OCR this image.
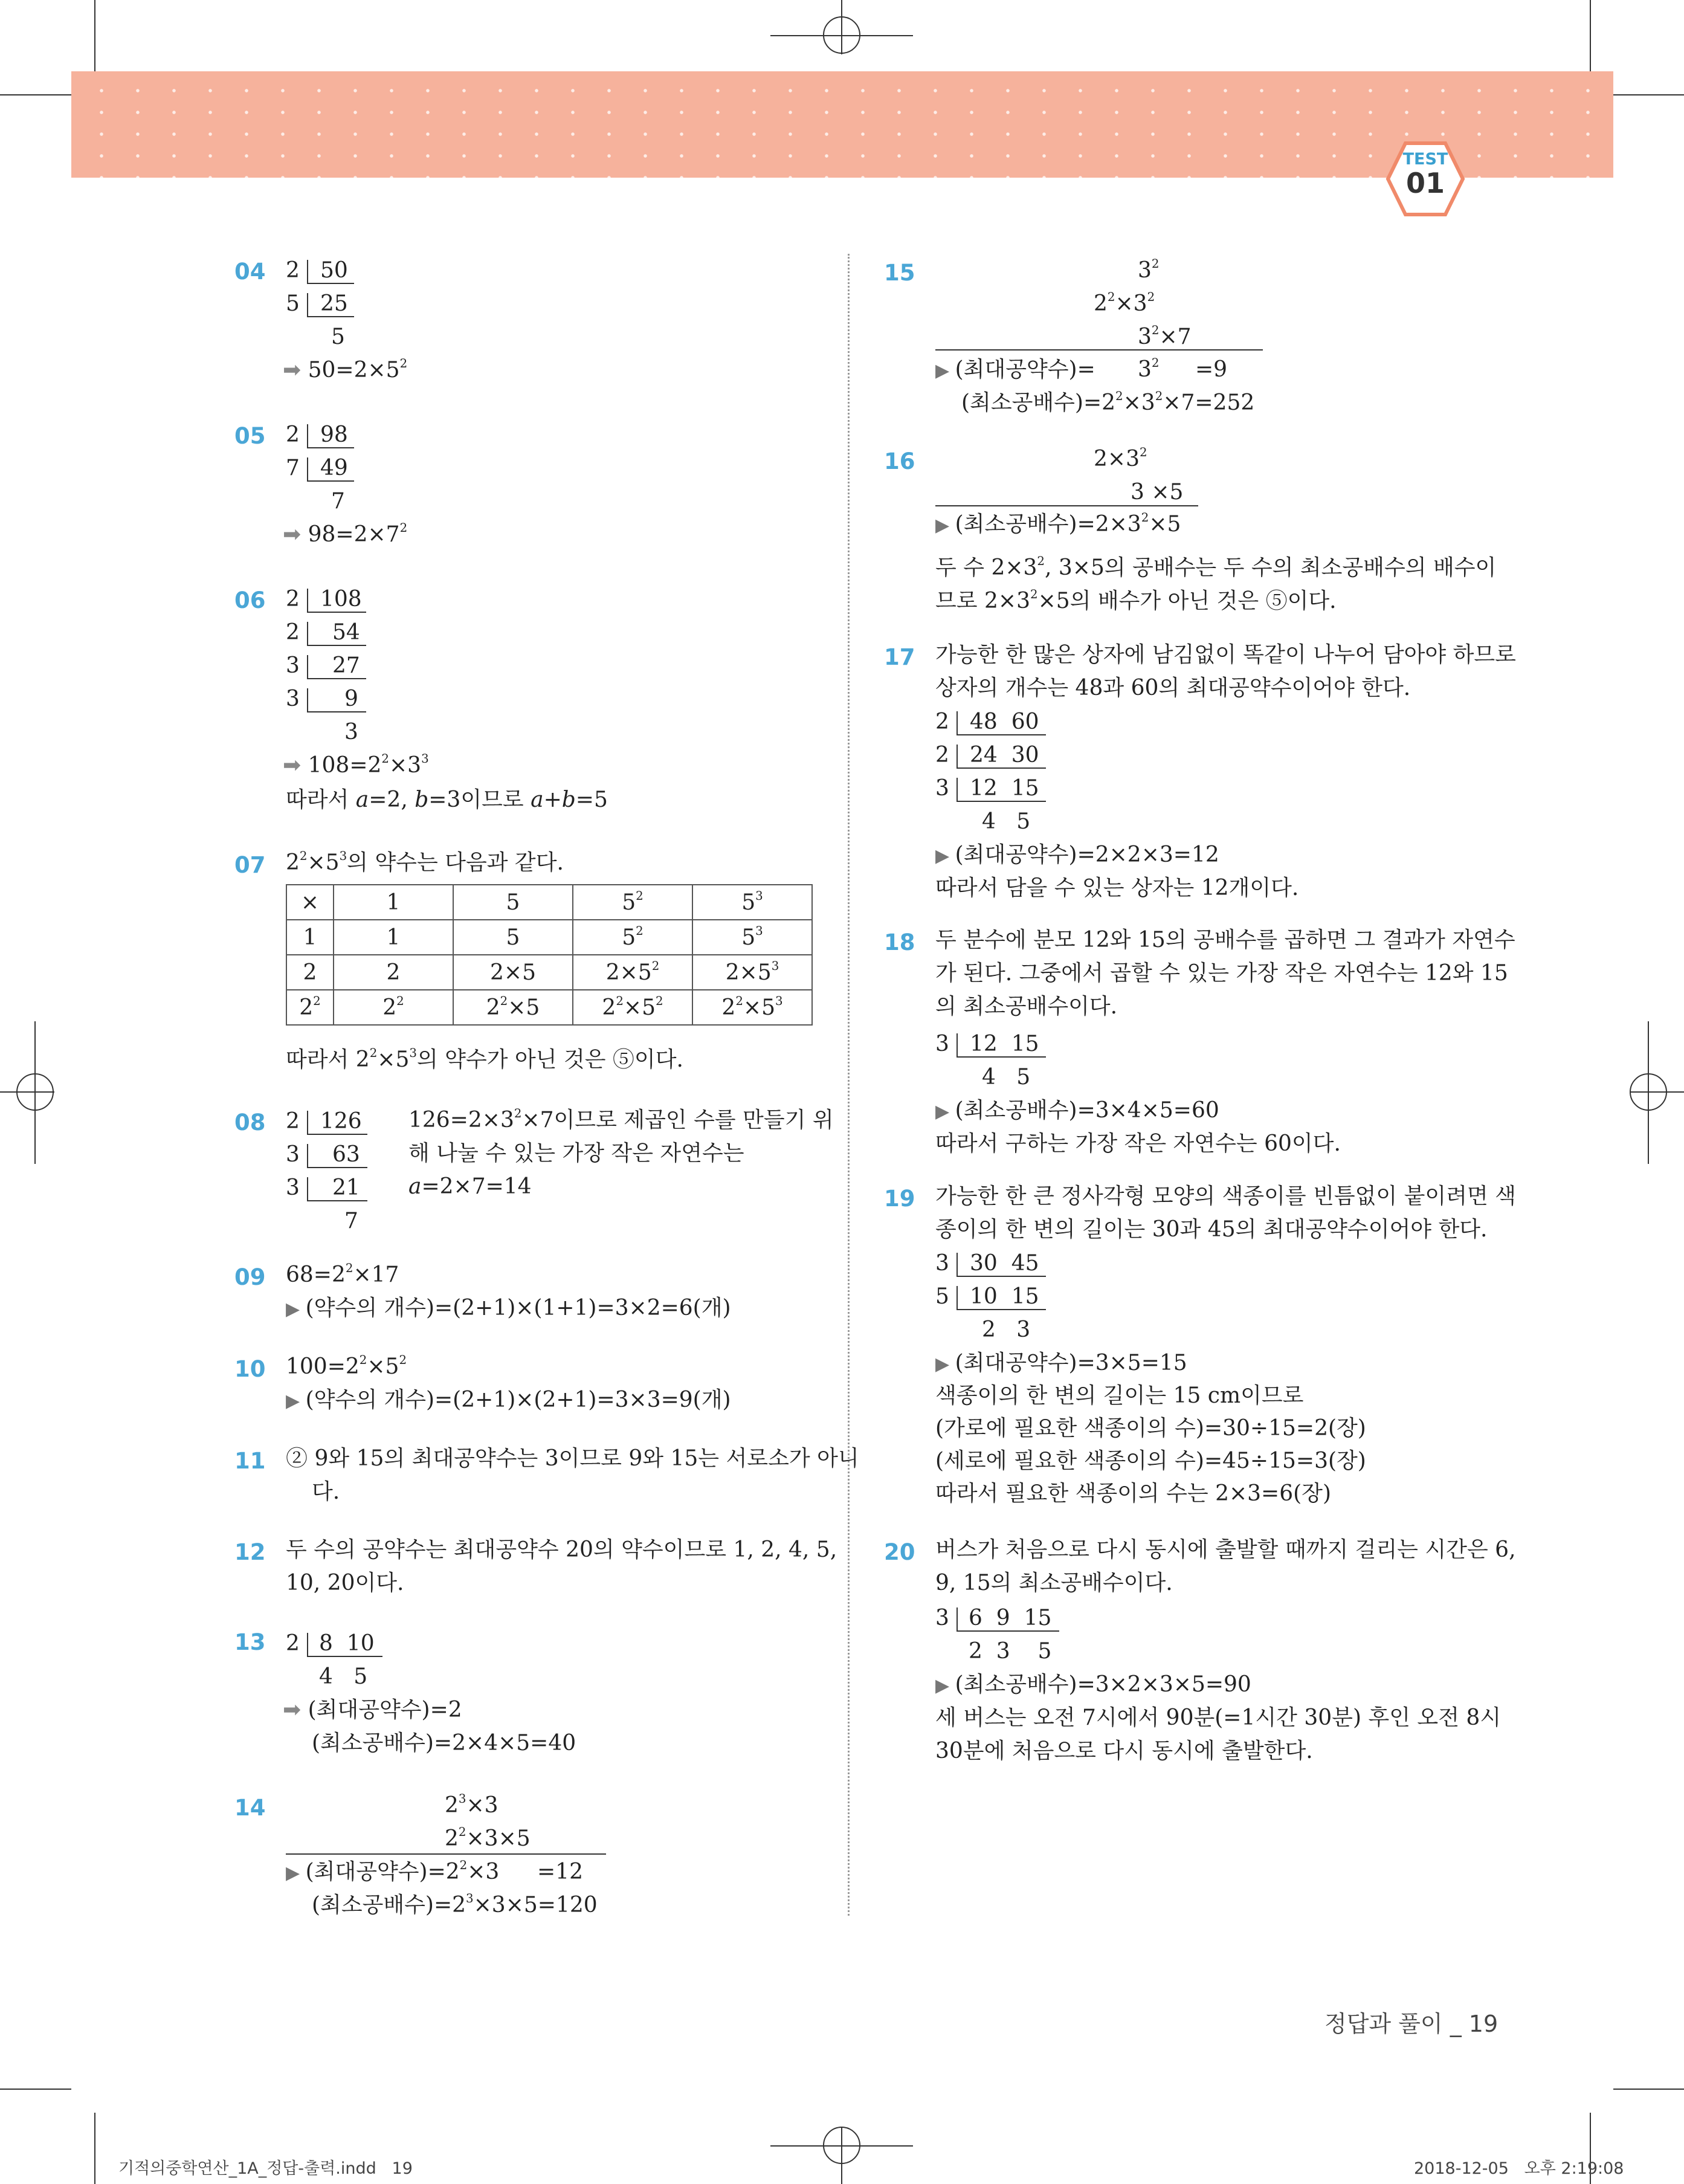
TEST
01
04 2 50
5 25
5
➡ $50=2\times 5^2$
05 2 98
7 49
7
➡ $98=2\times 7^2$
06 2 108
2 54
3 27
3 9
3
➡ $108=2^2\times 3^3$
따라서 a=2, b=3이므로 a+b=5
07 $2^2\times 5^3$의 약수는 다음과 같다.
×	1	5	$5^2$	$5^3$
1	1	5	$5^2$	$5^3$
2	2	2×5	$2\times 5^2$	$2\times 5^3$
$2^2$	$2^2$	$2^2\times 5$	$2^2\times 5^2$	$2^2\times 5^3$
따라서 $2^2\times 5^3$의 약수가 아닌 것은 ⑤이다.
08 2 126
3 63
3 21
7
$126=2\times 3^2\times 7$이므로 제곱인 수를 만들기 위
해 나눌 수 있는 가장 작은 자연수는
a=2×7=14
09 $68=2^2\times 17$
▶ (약수의 개수)=(2+1)×(1+1)=3×2=6(개)
10 $100=2^2\times 5^2$
▶ (약수의 개수)=(2+1)×(2+1)=3×3=9(개)
11 ② 9와 15의 최대공약수는 3이므로 9와 15는 서로소가 아니
다.
12 두 수의 공약수는 최대공약수 20의 약수이므로 1, 2, 4, 5,
10, 20이다.
13 2 8  10
4   5
➡ (최대공약수)=2
(최소공배수)=2×4×5=40
14	$2^3\times 3$
$2^2\times 3\times 5$
▶ (최대공약수)$=2^2\times 3 =12$
(최소공배수)$=2^3\times 3\times 5=120$
15	$3^2$
$2^2\times 3^2$
$3^2\times 7$
▶ (최대공약수)= $3^2 =9$
(최소공배수)$=2^2\times 3^2\times 7=252$
16	$2\times 3^2$
3 ×5
▶ (최소공배수)$=2\times 3^2\times 5$
두 수 $2\times 3^2$, 3×5의 공배수는 두 수의 최소공배수의 배수이
므로 $2\times 3^2\times 5$의 배수가 아닌 것은 ⑤이다.
17 가능한 한 많은 상자에 남김없이 똑같이 나누어 담아야 하므로
상자의 개수는 48과 60의 최대공약수이어야 한다.
2 48  60
2 24  30
3 12  15
4   5
▶ (최대공약수)=2×2×3=12
따라서 담을 수 있는 상자는 12개이다.
18 두 분수에 분모 12와 15의 공배수를 곱하면 그 결과가 자연수
가 된다. 그중에서 곱할 수 있는 가장 작은 자연수는 12와 15
의 최소공배수이다.
3 12  15
4   5
▶ (최소공배수)=3×4×5=60
따라서 구하는 가장 작은 자연수는 60이다.
19 가능한 한 큰 정사각형 모양의 색종이를 빈틈없이 붙이려면 색
종이의 한 변의 길이는 30과 45의 최대공약수이어야 한다.
3 30  45
5 10  15
2   3
▶ (최대공약수)=3×5=15
색종이의 한 변의 길이는 15 cm이므로
(가로에 필요한 색종이의 수)=30÷15=2(장)
(세로에 필요한 색종이의 수)=45÷15=3(장)
따라서 필요한 색종이의 수는 2×3=6(장)
20 버스가 처음으로 다시 동시에 출발할 때까지 걸리는 시간은 6,
9, 15의 최소공배수이다.
3 6  9  15
2  3    5
▶ (최소공배수)=3×2×3×5=90
세 버스는 오전 7시에서 90분(=1시간 30분) 후인 오전 8시
30분에 처음으로 다시 동시에 출발한다.
정답과 풀이 _ 19
기적의중학연산_1A_정답-출력.indd   19	2018-12-05   오후 2:19:08
